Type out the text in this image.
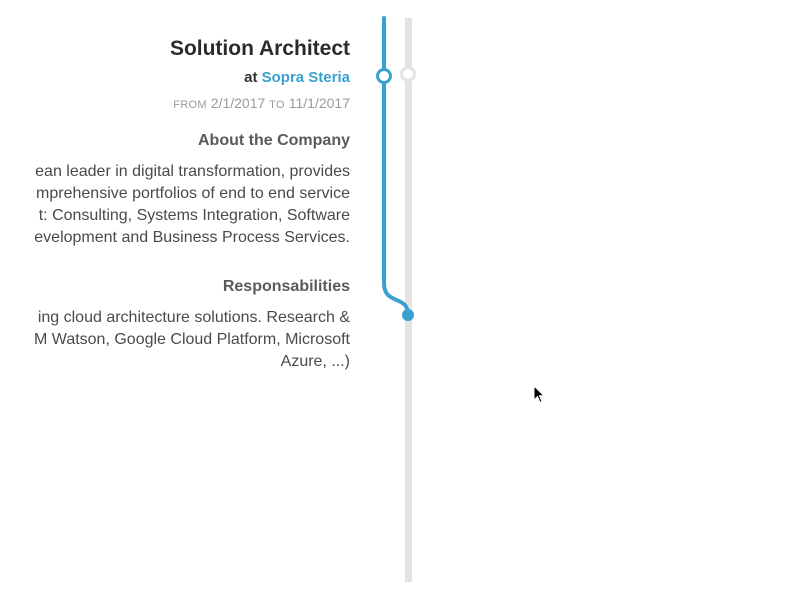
Solution Architect
at Sopra Steria
FROM 2/1/2017 TO 11/1/2017
About the Company
ean leader in digital transformation, provides
mprehensive portfolios of end to end service
t: Consulting, Systems Integration, Software
evelopment and Business Process Services.
Responsabilities
ing cloud architecture solutions. Research &
M Watson, Google Cloud Platform, Microsoft
Azure, ...)
